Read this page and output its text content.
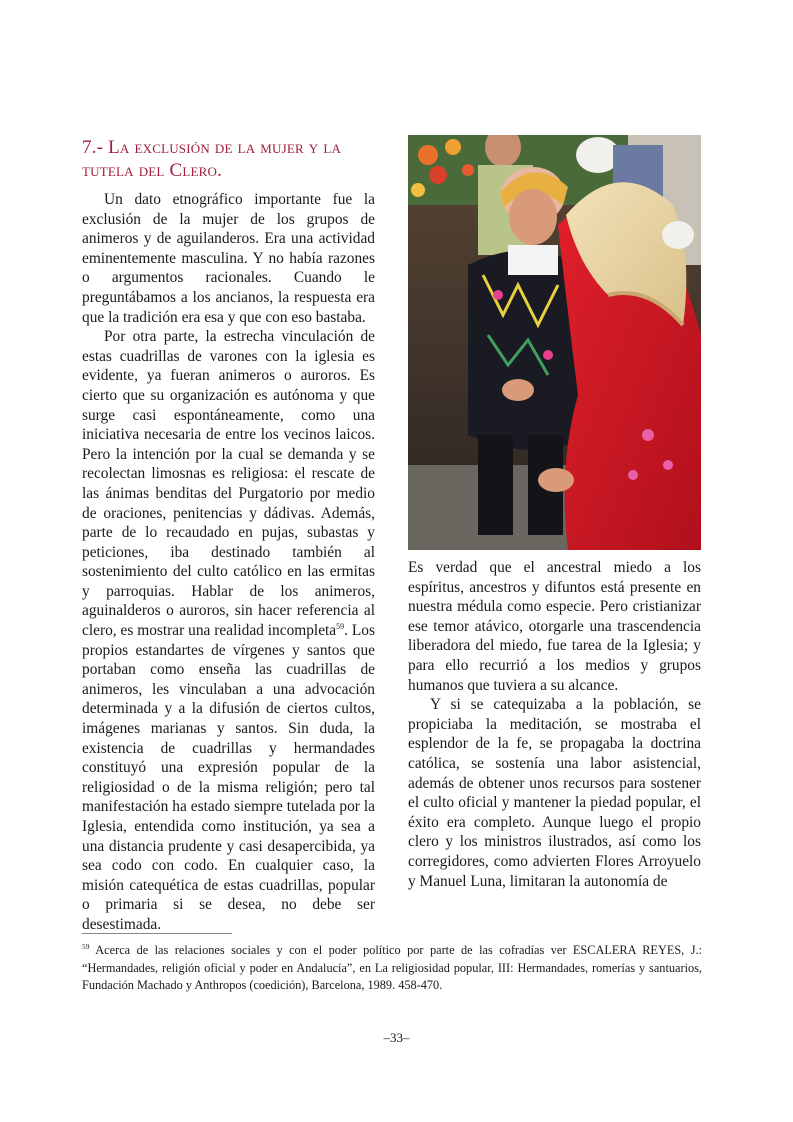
7.- La exclusión de la mujer y la
tutela del Clero.

Un dato etnográfico importante fue la exclusión de la mujer de los grupos de animeros y de aguilanderos. Era una actividad eminentemente masculina. Y no había razones o argumentos racionales. Cuando le preguntábamos a los ancianos, la respuesta era que la tradición era esa y que con eso bastaba.

Por otra parte, la estrecha vinculación de estas cuadrillas de varones con la iglesia es evidente, ya fueran animeros o auroros. Es cierto que su organización es autónoma y que surge casi espontáneamente, como una iniciativa necesaria de entre los vecinos laicos. Pero la intención por la cual se demanda y se recolectan limosnas es religiosa: el rescate de las ánimas benditas del Purgatorio por medio de oraciones, penitencias y dádivas. Además, parte de lo recaudado en pujas, subastas y peticiones, iba destinado también al sostenimiento del culto católico en las ermitas y parroquias. Hablar de los animeros, aguinalderos o auroros, sin hacer referencia al clero, es mostrar una realidad incompleta$^{59}$. Los propios estandartes de vírgenes y santos que portaban como enseña las cuadrillas de animeros, les vinculaban a una advocación determinada y a la difusión de ciertos cultos, imágenes marianas y santos. Sin duda, la existencia de cuadrillas y hermandades constituyó una expresión popular de la religiosidad o de la misma religión; pero tal manifestación ha estado siempre tutelada por la Iglesia, entendida como institución, ya sea a una distancia prudente y casi desapercibida, ya sea codo con codo. En cualquier caso, la misión catequética de estas cuadrillas, popular o primaria si se desea, no debe ser desestimada.

Es verdad que el ancestral miedo a los espíritus, ancestros y difuntos está presente en nuestra médula como especie. Pero cristianizar ese temor atávico, otorgarle una trascendencia liberadora del miedo, fue tarea de la Iglesia; y para ello recurrió a los medios y grupos humanos que tuviera a su alcance.

Y si se catequizaba a la población, se propiciaba la meditación, se mostraba el esplendor de la fe, se propagaba la doctrina católica, se sostenía una labor asistencial, además de obtener unos recursos para sostener el culto oficial y mantener la piedad popular, el éxito era completo. Aunque luego el propio clero y los ministros ilustrados, así como los corregidores, como advierten Flores Arroyuelo y Manuel Luna, limitaran la autonomía de

$^{59}$ Acerca de las relaciones sociales y con el poder político por parte de las cofradías ver ESCALERA REYES, J.: “Hermandades, religión oficial y poder en Andalucía”, en La religiosidad popular, III: Hermandades, romerías y santuarios, Fundación Machado y Anthropos (coedición), Barcelona, 1989. 458-470.
–33–
